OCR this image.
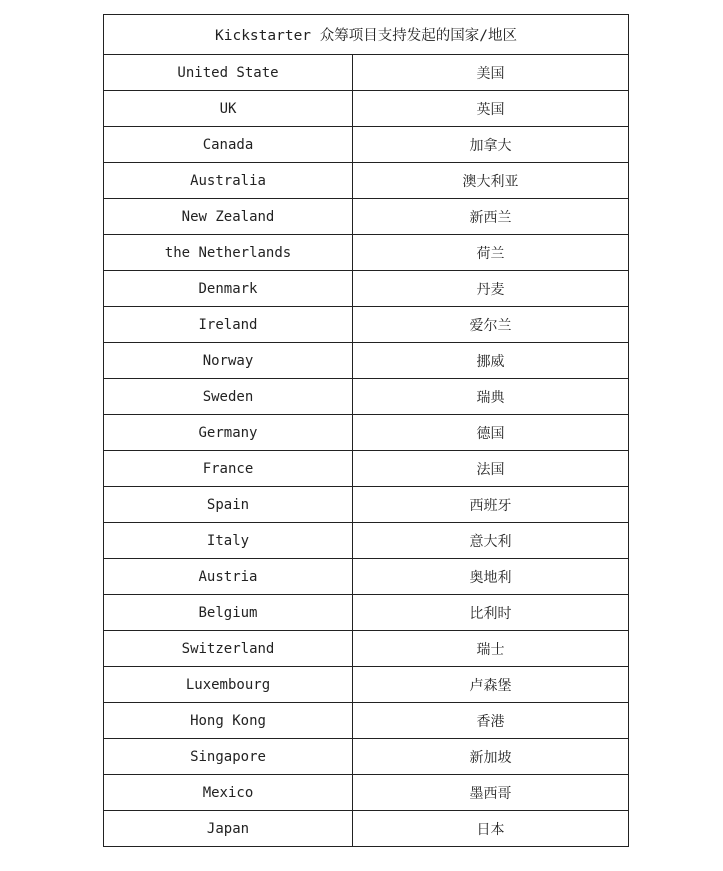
Kickstarter 众筹项目支持发起的国家/地区	
United State	美国
UK	英国
Canada	加拿大
Australia	澳大利亚
New Zealand	新西兰
the Netherlands	荷兰
Denmark	丹麦
Ireland	爱尔兰
Norway	挪威
Sweden	瑞典
Germany	德国
France	法国
Spain	西班牙
Italy	意大利
Austria	奥地利
Belgium	比利时
Switzerland	瑞士
Luxembourg	卢森堡
Hong Kong	香港
Singapore	新加坡
Mexico	墨西哥
Japan	日本
